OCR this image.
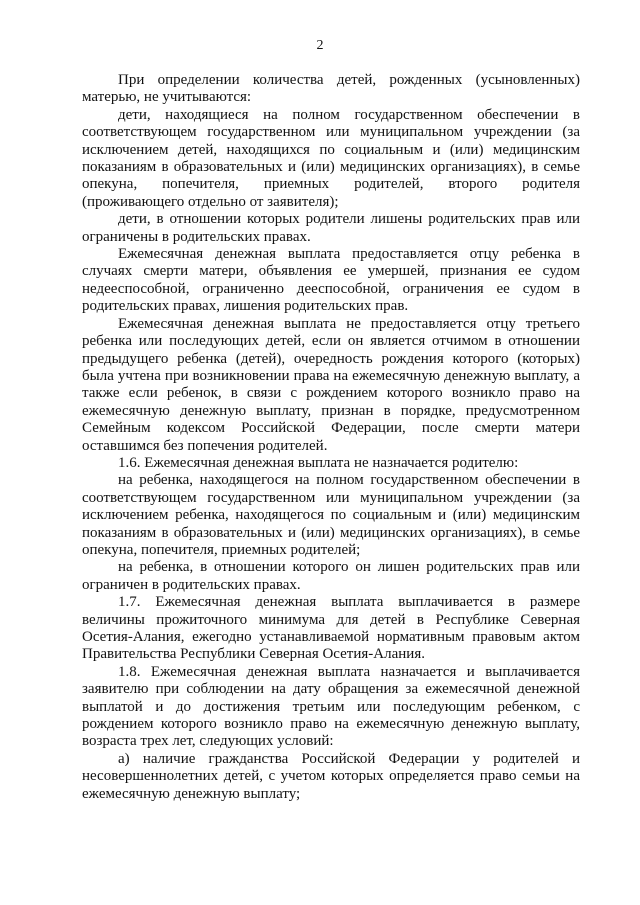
2

При определении количества детей, рожденных (усыновленных) матерью, не учитываются:

дети, находящиеся на полном государственном обеспечении в соответствующем государственном или муниципальном учреждении (за исключением детей, находящихся по социальным и (или) медицинским показаниям в образовательных и (или) медицинских организациях), в семье опекуна, попечителя, приемных родителей, второго родителя (проживающего отдельно от заявителя);

дети, в отношении которых родители лишены родительских прав или ограничены в родительских правах.

Ежемесячная денежная выплата предоставляется отцу ребенка в случаях смерти матери, объявления ее умершей, признания ее судом недееспособной, ограниченно дееспособной, ограничения ее судом в родительских правах, лишения родительских прав.

Ежемесячная денежная выплата не предоставляется отцу третьего ребенка или последующих детей, если он является отчимом в отношении предыдущего ребенка (детей), очередность рождения которого (которых) была учтена при возникновении права на ежемесячную денежную выплату, а также если ребенок, в связи с рождением которого возникло право на ежемесячную денежную выплату, признан в порядке, предусмотренном Семейным кодексом Российской Федерации, после смерти матери оставшимся без попечения родителей.

1.6. Ежемесячная денежная выплата не назначается родителю:

на ребенка, находящегося на полном государственном обеспечении в соответствующем государственном или муниципальном учреждении (за исключением ребенка, находящегося по социальным и (или) медицинским показаниям в образовательных и (или) медицинских организациях), в семье опекуна, попечителя, приемных родителей;

на ребенка, в отношении которого он лишен родительских прав или ограничен в родительских правах.

1.7. Ежемесячная денежная выплата выплачивается в размере величины прожиточного минимума для детей в Республике Северная Осетия-Алания, ежегодно устанавливаемой нормативным правовым актом Правительства Республики Северная Осетия-Алания.

1.8. Ежемесячная денежная выплата назначается и выплачивается заявителю при соблюдении на дату обращения за ежемесячной денежной выплатой и до достижения третьим или последующим ребенком, с рождением которого возникло право на ежемесячную денежную выплату, возраста трех лет, следующих условий:

а) наличие гражданства Российской Федерации у родителей и несовершеннолетних детей, с учетом которых определяется право семьи на ежемесячную денежную выплату;
